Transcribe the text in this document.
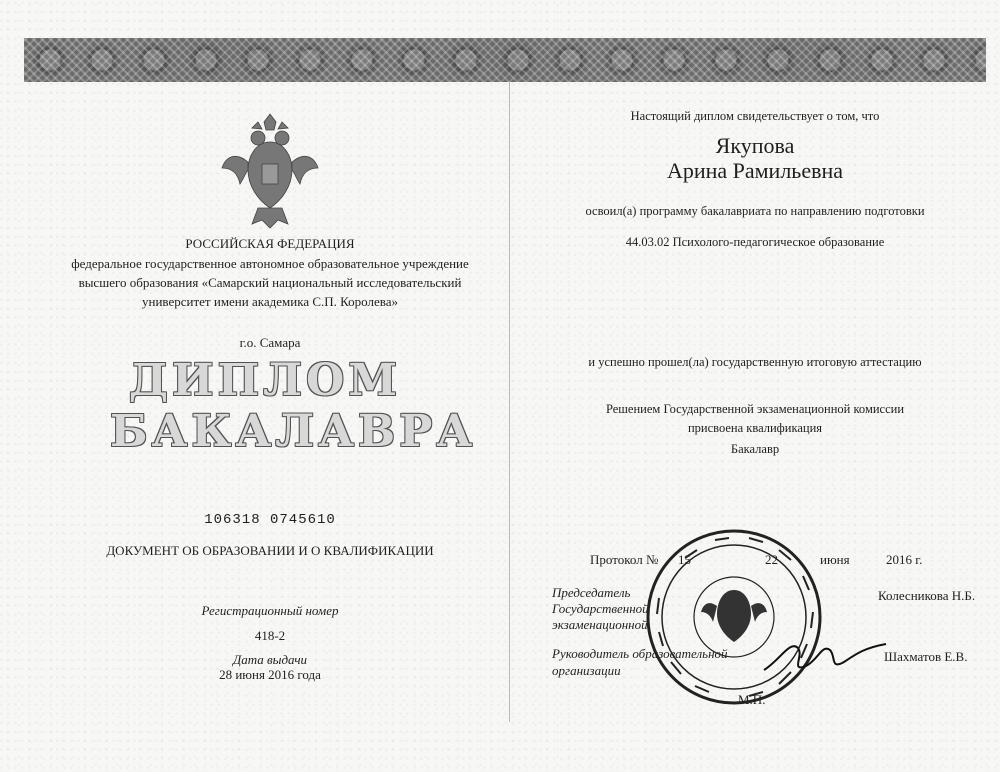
РОССИЙСКАЯ ФЕДЕРАЦИЯ
федеральное государственное автономное образовательное учреждение
высшего образования «Самарский национальный исследовательский
университет имени академика С.П. Королева»
г.о. Самара
ДИПЛОМ
БАКАЛАВРА
106318 0745610
ДОКУМЕНТ ОБ ОБРАЗОВАНИИ И О КВАЛИФИКАЦИИ
Регистрационный номер
418-2
Дата выдачи
28 июня 2016 года
Настоящий диплом свидетельствует о том, что
Якупова
Арина Рамильевна
освоил(а) программу бакалавриата по направлению подготовки
44.03.02 Психолого-педагогическое образование
и успешно прошел(ла) государственную итоговую аттестацию
Решением Государственной экзаменационной комиссии
присвоена квалификация
Бакалавр
Протокол № 15	22	июня	2016 г.
Председатель
Государственной
экзаменационной
Колесникова Н.Б.
Руководитель образовательной
организации
Шахматов Е.В.
М.П.
